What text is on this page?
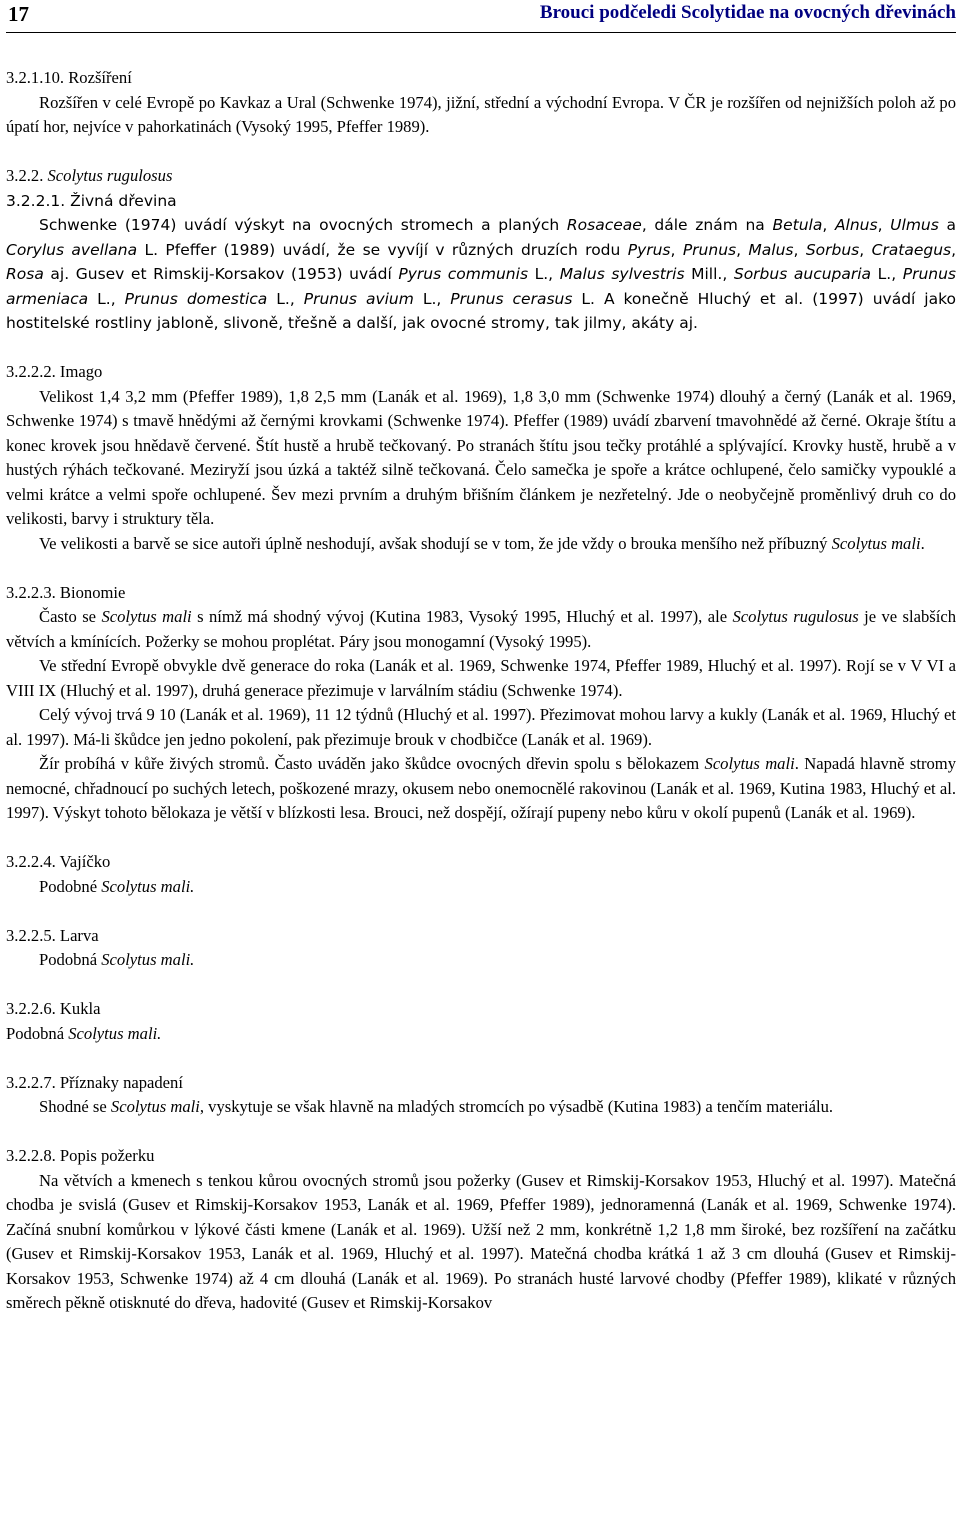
17	Brouci podčeledi Scolytidae na ovocných dřevinách

3.2.1.10. Rozšíření

Rozšířen v celé Evropě po Kavkaz a Ural (Schwenke 1974), jižní, střední a východní Evropa. V ČR je rozšířen od nejnižších poloh až po úpatí hor, nejvíce v pahorkatinách (Vysoký 1995, Pfeffer 1989).

3.2.2. Scolytus rugulosus

3.2.2.1. Živná dřevina

Schwenke (1974) uvádí výskyt na ovocných stromech a planých Rosaceae, dále znám na Betula, Alnus, Ulmus a Corylus avellana L. Pfeffer (1989) uvádí, že se vyvíjí v různých druzích rodu Pyrus, Prunus, Malus, Sorbus, Crataegus, Rosa aj. Gusev et Rimskij-Korsakov (1953) uvádí Pyrus communis L., Malus sylvestris Mill., Sorbus aucuparia L., Prunus armeniaca L., Prunus domestica L., Prunus avium L., Prunus cerasus L. A konečně Hluchý et al. (1997) uvádí jako hostitelské rostliny jabloně, slivoně, třešně a další, jak ovocné stromy, tak jilmy, akáty aj.

3.2.2.2. Imago

Velikost 1,4 3,2 mm (Pfeffer 1989), 1,8 2,5 mm (Lanák et al. 1969), 1,8 3,0 mm (Schwenke 1974) dlouhý a černý (Lanák et al. 1969, Schwenke 1974) s tmavě hnědými až černými krovkami (Schwenke 1974). Pfeffer (1989) uvádí zbarvení tmavohnědé až černé. Okraje štítu a konec krovek jsou hnědavě červené. Štít hustě a hrubě tečkovaný. Po stranách štítu jsou tečky protáhlé a splývající. Krovky hustě, hrubě a v hustých rýhách tečkované. Meziryží jsou úzká a taktéž silně tečkovaná. Čelo samečka je spoře a krátce ochlupené, čelo samičky vypouklé a velmi krátce a velmi spoře ochlupené. Šev mezi prvním a druhým břišním článkem je nezřetelný. Jde o neobyčejně proměnlivý druh co do velikosti, barvy i struktury těla.

Ve velikosti a barvě se sice autoři úplně neshodují, avšak shodují se v tom, že jde vždy o brouka menšího než příbuzný Scolytus mali.

3.2.2.3. Bionomie

Často se Scolytus mali s nímž má shodný vývoj (Kutina 1983, Vysoký 1995, Hluchý et al. 1997), ale Scolytus rugulosus je ve slabších větvích a kmínících. Požerky se mohou proplétat. Páry jsou monogamní (Vysoký 1995).

Ve střední Evropě obvykle dvě generace do roka (Lanák et al. 1969, Schwenke 1974, Pfeffer 1989, Hluchý et al. 1997). Rojí se v V VI a VIII IX (Hluchý et al. 1997), druhá generace přezimuje v larválním stádiu (Schwenke 1974).

Celý vývoj trvá 9 10 (Lanák et al. 1969), 11 12 týdnů (Hluchý et al. 1997). Přezimovat mohou larvy a kukly (Lanák et al. 1969, Hluchý et al. 1997). Má-li škůdce jen jedno pokolení, pak přezimuje brouk v chodbičce (Lanák et al. 1969).

Žír probíhá v kůře živých stromů. Často uváděn jako škůdce ovocných dřevin spolu s bělokazem Scolytus mali. Napadá hlavně stromy nemocné, chřadnoucí po suchých letech, poškozené mrazy, okusem nebo onemocnělé rakovinou (Lanák et al. 1969, Kutina 1983, Hluchý et al. 1997). Výskyt tohoto bělokaza je větší v blízkosti lesa. Brouci, než dospějí, ožírají pupeny nebo kůru v okolí pupenů (Lanák et al. 1969).

3.2.2.4. Vajíčko

Podobné Scolytus mali.

3.2.2.5. Larva

Podobná Scolytus mali.

3.2.2.6. Kukla

Podobná Scolytus mali.

3.2.2.7. Příznaky napadení

Shodné se Scolytus mali, vyskytuje se však hlavně na mladých stromcích po výsadbě (Kutina 1983) a tenčím materiálu.

3.2.2.8. Popis požerku

Na větvích a kmenech s tenkou kůrou ovocných stromů jsou požerky (Gusev et Rimskij-Korsakov 1953, Hluchý et al. 1997). Matečná chodba je svislá (Gusev et Rimskij-Korsakov 1953, Lanák et al. 1969, Pfeffer 1989), jednoramenná (Lanák et al. 1969, Schwenke 1974). Začíná snubní komůrkou v lýkové části kmene (Lanák et al. 1969). Užší než 2 mm, konkrétně 1,2 1,8 mm široké, bez rozšíření na začátku (Gusev et Rimskij-Korsakov 1953, Lanák et al. 1969, Hluchý et al. 1997). Matečná chodba krátká 1 až 3 cm dlouhá (Gusev et Rimskij-Korsakov 1953, Schwenke 1974) až 4 cm dlouhá (Lanák et al. 1969). Po stranách husté larvové chodby (Pfeffer 1989), klikaté v různých směrech pěkně otisknuté do dřeva, hadovité (Gusev et Rimskij-Korsakov
